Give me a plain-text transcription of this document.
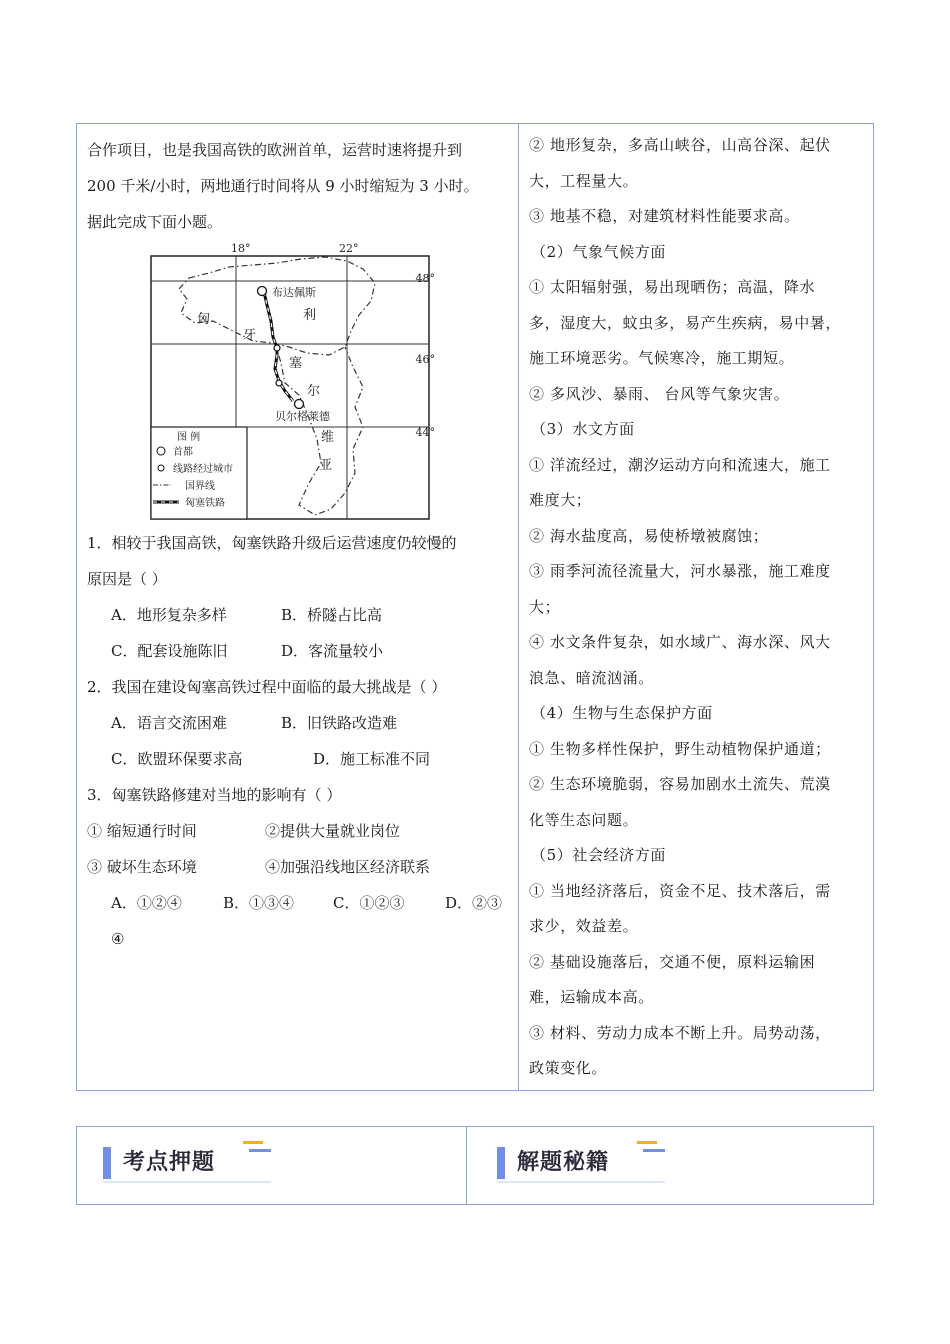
合作项目，也是我国高铁的欧洲首单，运营时速将提升到

200 千米/小时，两地通行时间将从 9 小时缩短为 3 小时。

据此完成下面小题。

18°	22°
48°
46°
44°
匈
牙
利
塞
尔
维
亚
布达佩斯
贝尔格莱德
图 例
首都
线路经过城市
国界线
匈塞铁路

1．相较于我国高铁，匈塞铁路升级后运营速度仍较慢的

原因是（ ）

A．地形复杂多样	B．桥隧占比高

C．配套设施陈旧	D．客流量较小

2．我国在建设匈塞高铁过程中面临的最大挑战是（ ）

A．语言交流困难	B．旧铁路改造难

C．欧盟环保要求高	D．施工标准不同

3．匈塞铁路修建对当地的影响有（ ）

① 缩短通行时间	②提供大量就业岗位

③ 破坏生态环境	④加强沿线地区经济联系

A．①②④	B．①③④	C．①②③	D．②③

④

② 地形复杂，多高山峡谷，山高谷深、起伏

大，工程量大。

③ 地基不稳，对建筑材料性能要求高。

（2）气象气候方面

① 太阳辐射强，易出现晒伤；高温，降水

多，湿度大，蚊虫多，易产生疾病，易中暑，

施工环境恶劣。气候寒冷，施工期短。

② 多风沙、暴雨、 台风等气象灾害。

（3）水文方面

① 洋流经过，潮汐运动方向和流速大，施工

难度大；

② 海水盐度高，易使桥墩被腐蚀；

③ 雨季河流径流量大，河水暴涨，施工难度

大；

④ 水文条件复杂，如水域广、海水深、风大

浪急、暗流汹涌。

（4）生物与生态保护方面

① 生物多样性保护，野生动植物保护通道；

② 生态环境脆弱，容易加剧水土流失、荒漠

化等生态问题。

（5）社会经济方面

① 当地经济落后，资金不足、技术落后，需

求少，效益差。

② 基础设施落后，交通不便，原料运输困

难，运输成本高。

③ 材料、劳动力成本不断上升。局势动荡，

政策变化。

考点押题	解题秘籍
